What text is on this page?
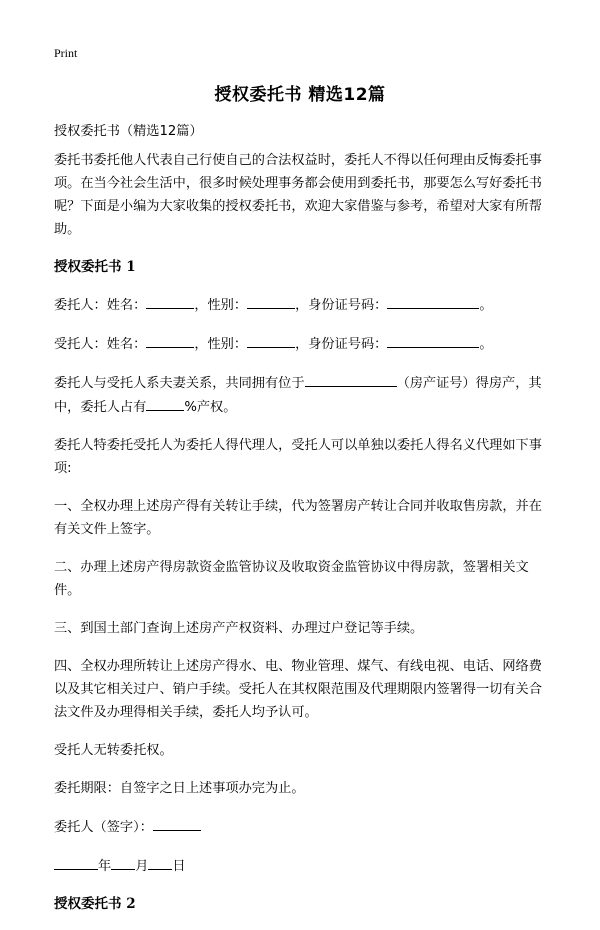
Print
授权委托书 精选12篇

授权委托书（精选12篇）

委托书委托他人代表自己行使自己的合法权益时，委托人不得以任何理由反悔委托事项。在当今社会生活中，很多时候处理事务都会使用到委托书，那要怎么写好委托书呢？下面是小编为大家收集的授权委托书，欢迎大家借鉴与参考，希望对大家有所帮助。

授权委托书 1

委托人：姓名：	，性别：	，身份证号码：	。

受托人：姓名：	，性别：	，身份证号码：	。

委托人与受托人系夫妻关系，共同拥有位于	（房产证号）得房产，其中，委托人占有	%产权。

委托人特委托受托人为委托人得代理人，受托人可以单独以委托人得名义代理如下事项:

一、全权办理上述房产得有关转让手续，代为签署房产转让合同并收取售房款，并在有关文件上签字。

二、办理上述房产得房款资金监管协议及收取资金监管协议中得房款，签署相关文件。

三、到国土部门查询上述房产产权资料、办理过户登记等手续。

四、全权办理所转让上述房产得水、电、物业管理、煤气、有线电视、电话、网络费以及其它相关过户、销户手续。受托人在其权限范围及代理期限内签署得一切有关合法文件及办理得相关手续，委托人均予认可。

受托人无转委托权。

委托期限：自签字之日上述事项办完为止。

委托人（签字）：

年 月 日

授权委托书 2
